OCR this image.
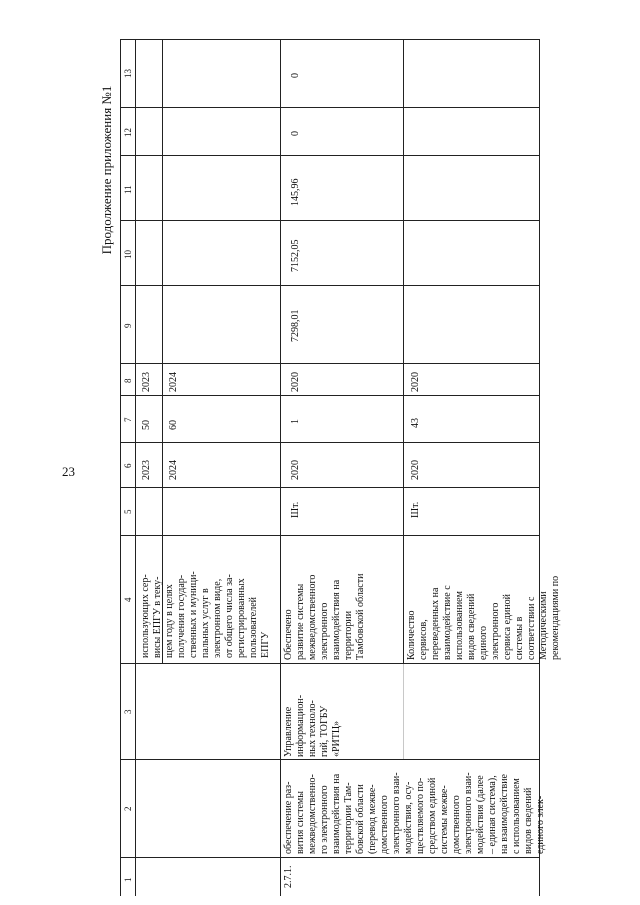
23
Продолжение приложения №1
13
12
11
10
9
8
7
6
5
4
3
2
1
использующих сер-
висы ЕПГУ в теку-
щем году в целях
получения государ-
ственных и муници-
пальных услуг в
электронном виде,
от общего числа за-
регистрированных
пользователей
ЕПГУ
2023
50
2023
2024
60
2024
2.7.1.
обеспечение раз-
вития системы
межведомственно-
го электронного
взаимодействия на
территории Там-
бовской области
(перевод межве-
домственного
электронного взаи-
модействия, осу-
ществляемого по-
средством единой
системы межве-
домственного
электронного взаи-
модействия (далее
– единая система),
на взаимодействие
с использованием
видов сведений
единого элек-
Управление
информацион-
ных техноло-
гий, ТОГБУ
«РИТЦ»
Обеспечено
развитие системы
межведомственного
электронного
взаимодействия на
территории
Тамбовской области
Шт.
2020
1
2020
7298,01
7152,05
145,96
0
0
Количество
сервисов,
переведенных на
взаимодействие с
использованием
видов сведений
единого
электронного
сервиса единой
системы в
соответствии с
Методическими
рекомендациями по
Шт.
2020
43
2020
